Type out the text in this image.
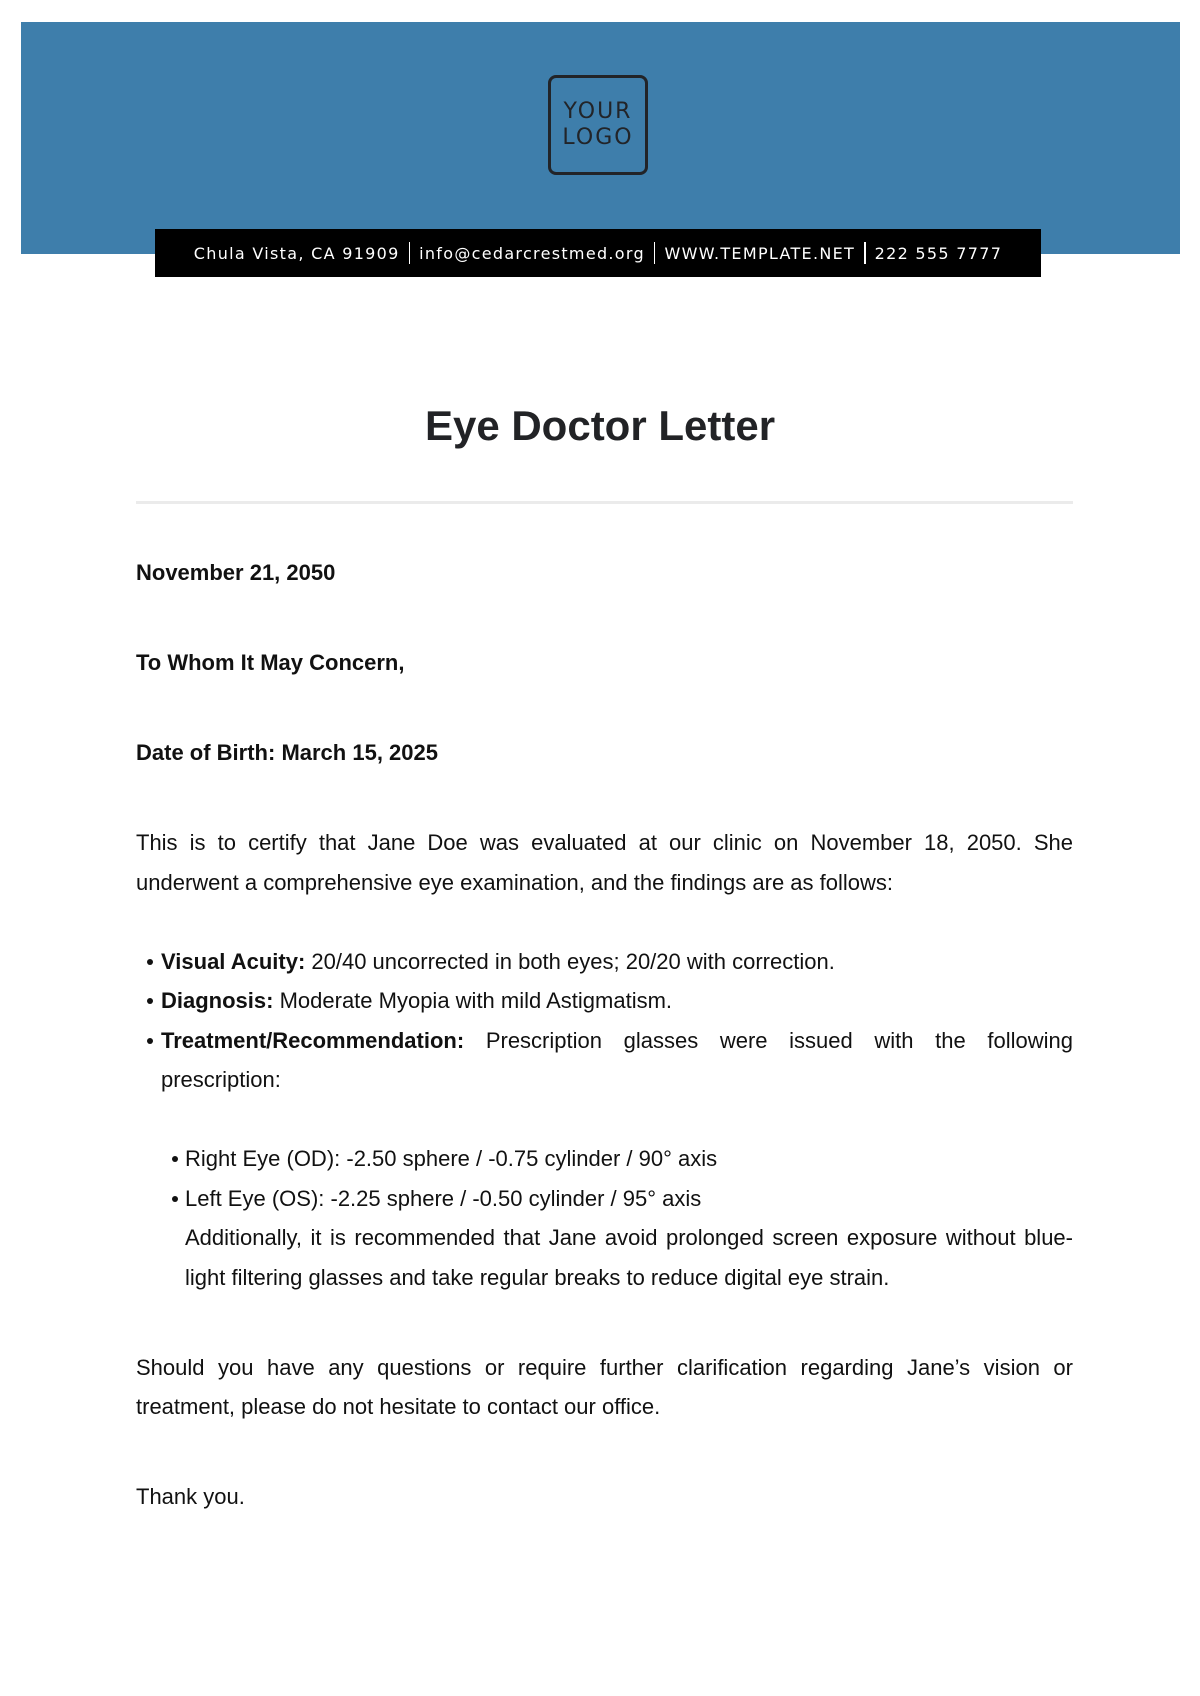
YOUR
LOGO
Chula Vista, CA 91909 info@cedarcrestmed.org WWW.TEMPLATE.NET 222 555 7777
Eye Doctor Letter

November 21, 2050

To Whom It May Concern,

Date of Birth: March 15, 2025

This is to certify that Jane Doe was evaluated at our clinic on November 18, 2050. She underwent a comprehensive eye examination, and the findings are as follows:

Visual Acuity: 20/40 uncorrected in both eyes; 20/20 with correction.
Diagnosis: Moderate Myopia with mild Astigmatism.
Treatment/Recommendation: Prescription glasses were issued with the following prescription:
Right Eye (OD): -2.50 sphere / -0.75 cylinder / 90° axis
Left Eye (OS): -2.25 sphere / -0.50 cylinder / 95° axis

Additionally, it is recommended that Jane avoid prolonged screen exposure without blue-light filtering glasses and take regular breaks to reduce digital eye strain.

Should you have any questions or require further clarification regarding Jane’s vision or treatment, please do not hesitate to contact our office.

Thank you.
